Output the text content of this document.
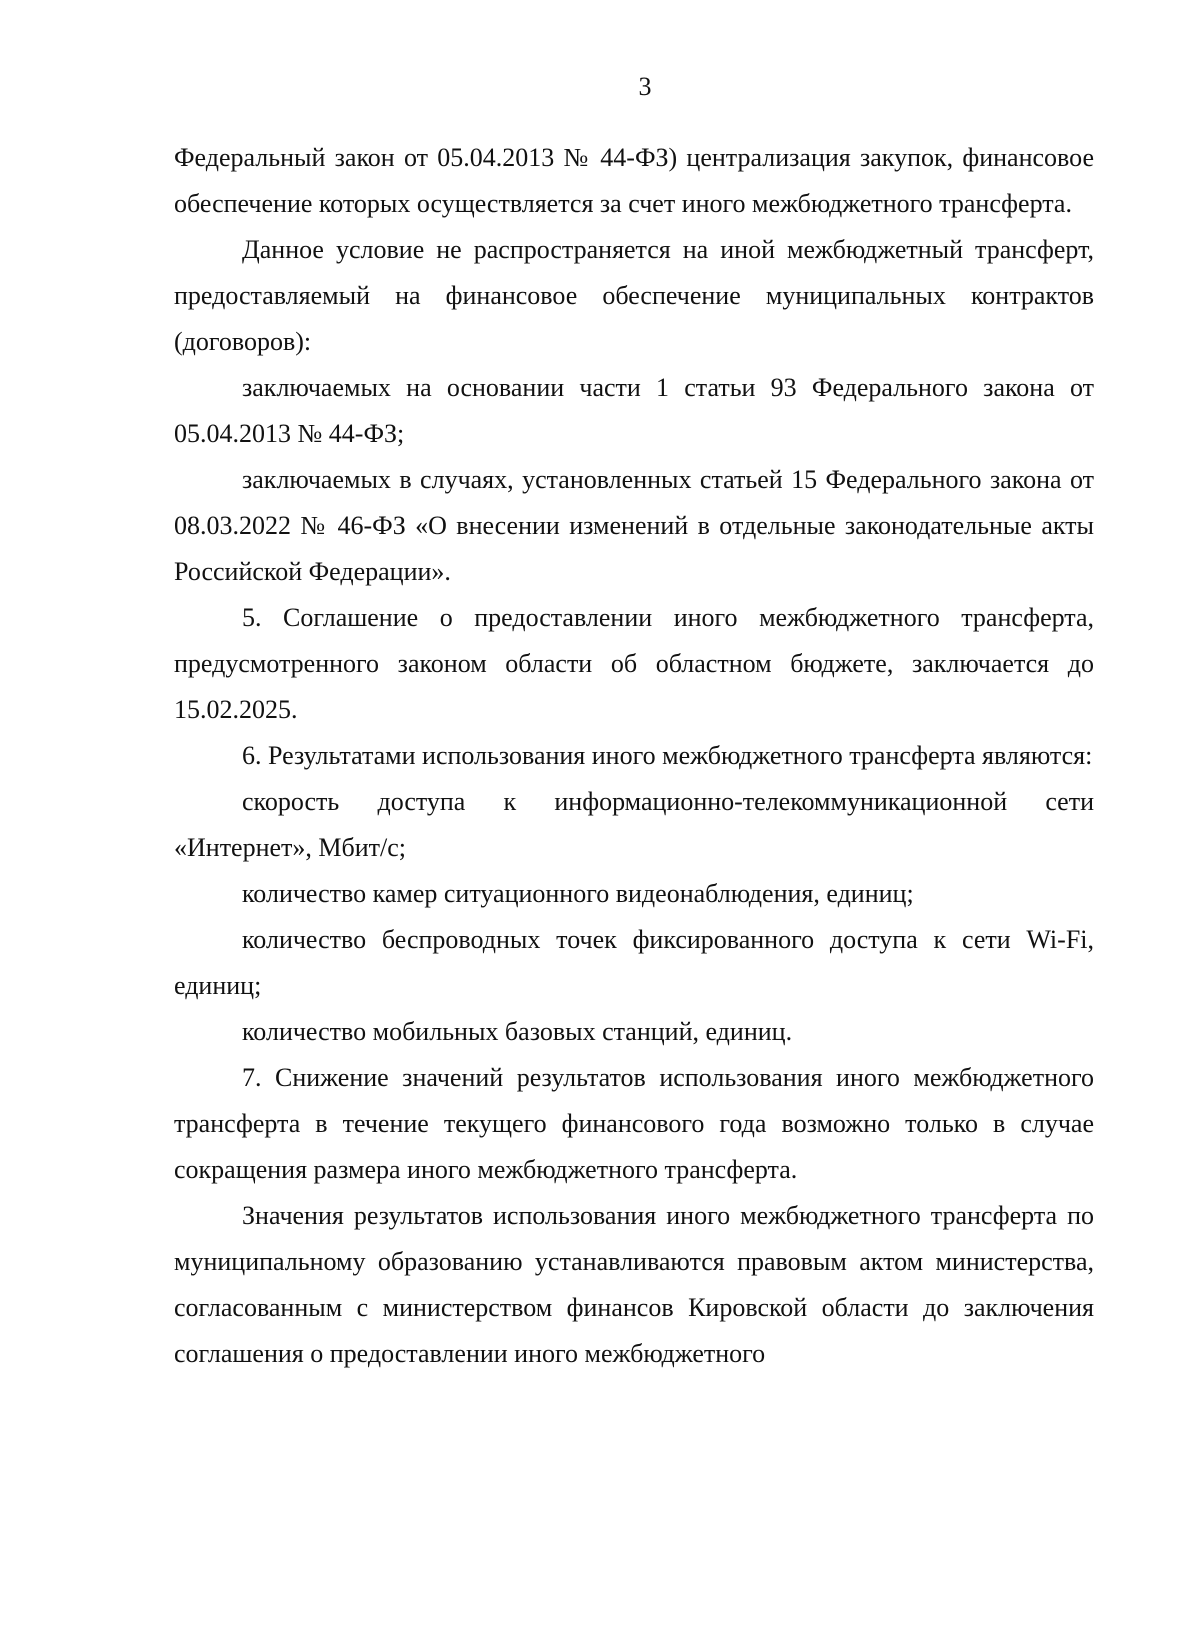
3

Федеральный закон от 05.04.2013 № 44-ФЗ) централизация закупок, финансовое обеспечение которых осуществляется за счет иного межбюджетного трансферта.

Данное условие не распространяется на иной межбюджетный трансферт, предоставляемый на финансовое обеспечение муниципальных контрактов (договоров):

заключаемых на основании части 1 статьи 93 Федерального закона от 05.04.2013 № 44-ФЗ;

заключаемых в случаях, установленных статьей 15 Федерального закона от 08.03.2022 № 46-ФЗ «О внесении изменений в отдельные законодательные акты Российской Федерации».

5. Соглашение о предоставлении иного межбюджетного трансферта, предусмотренного законом области об областном бюджете, заключается до 15.02.2025.

6. Результатами использования иного межбюджетного трансферта являются:

скорость доступа к информационно-телекоммуникационной сети «Интернет», Мбит/с;

количество камер ситуационного видеонаблюдения, единиц;

количество беспроводных точек фиксированного доступа к сети Wi-Fi, единиц;

количество мобильных базовых станций, единиц.

7. Снижение значений результатов использования иного межбюджетного трансферта в течение текущего финансового года возможно только в случае сокращения размера иного межбюджетного трансферта.

Значения результатов использования иного межбюджетного трансферта по муниципальному образованию устанавливаются правовым актом министерства, согласованным с министерством финансов Кировской области до заключения соглашения о предоставлении иного межбюджетного
